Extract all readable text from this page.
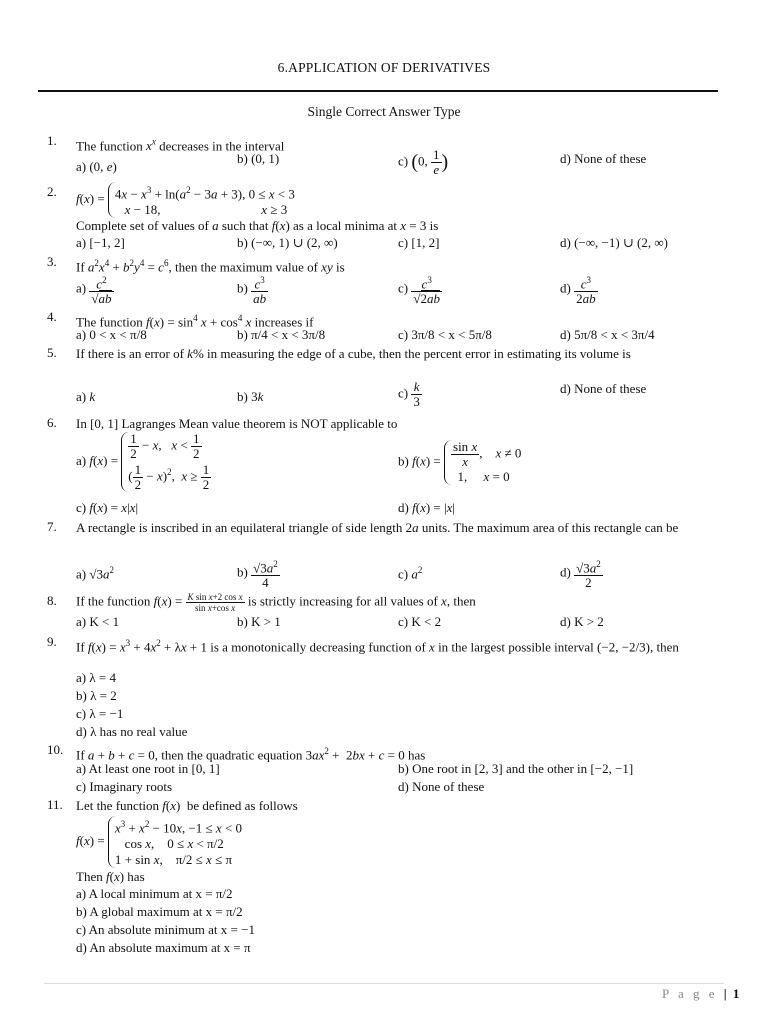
6.APPLICATION OF DERIVATIVES
Single Correct Answer Type
1. The function $x^x$ decreases in the interval
a) (0, e)
b) (0, 1)	c) (0, $\frac{1}{e}$ )	d) None of these
2. $f(x) = 4x - x^3 + \ln(a^2 - 3a + 3)$, 0 ≤ x < 3
x − 18,                               x ≥ 3
Complete set of values of a such that f(x) as a local minima at x = 3 is
a) [−1, 2]	b) (−∞, 1) ∪ (2, ∞)	c) [1, 2]	d) (−∞, −1) ∪ (2, ∞)
3. If $a^2x^4 + b^2y^4 = c^6$, then the maximum value of xy is
$a) \frac{c^2}{√ab}$	$b) \frac{c^3}{ab}$	$c) \frac{c^3}{√2ab}$	$d) \frac{c^3}{2ab}$
4. The function $f(x) = \sin^4 x + \cos^4 x$ increases if
a) 0 < x < π/8	b) π/4 < x < 3π/8	c) 3π/8 < x < 5π/8	d) 5π/8 < x < 3π/4
5. If there is an error of k% in measuring the edge of a cube, then the percent error in estimating its volume is
a) k	b) 3k	$c) \frac{k}{3}$	d) None of these
6. In [0, 1] Lagranges Mean value theorem is NOT applicable to
a) $f(x) = \frac{1}{2} - x$,   $x < \frac{1}{2}$
( $\frac{1}{2} - x)^2$,  $x \ge \frac{1}{2}$
b) $f(x) = \frac{\text{sin x}}{x}$ ,    x ≠ 0
1,     x = 0
c) f(x) = x|x|	d) f(x) = |x|
7. A rectangle is inscribed in an equilateral triangle of side length 2a units. The maximum area of this rectangle can be
a) $√3a^2$	$b) \frac{√3a^2}{4}$	c) $a^2$	$d) \frac{√3a^2}{2}$
8. If the function $f(x) = \frac{\text{K sin x+2 cos x}}{\text{sin x+cos x}}$ is strictly increasing for all values of x, then
a) K < 1	b) K > 1	c) K < 2	d) K > 2
9. If $f(x) = x^3 + 4x^2 + \lambda x + 1$ is a monotonically decreasing function of x in the largest possible interval (−2, −2/3), then
a) λ = 4
b) λ = 2
c) λ = −1
d) λ has no real value
10. If a + b + c = 0, then the quadratic equation $3ax^2 + 2bx + c = 0$ has
a) At least one root in [0, 1]	b) One root in [2, 3] and the other in [−2, −1]
c) Imaginary roots	d) None of these
11. Let the function f(x)  be defined as follows
f(x) =
$x^3 + x^2 - 10x$, −1 ≤ x < 0
cos x,    0 ≤ x < π/2
1 + sin x,    π/2 ≤ x ≤ π
Then f(x) has
a) A local minimum at x = π/2
b) A global maximum at x = π/2
c) An absolute minimum at x = −1
d) An absolute maximum at x = π
P a g e | 1
